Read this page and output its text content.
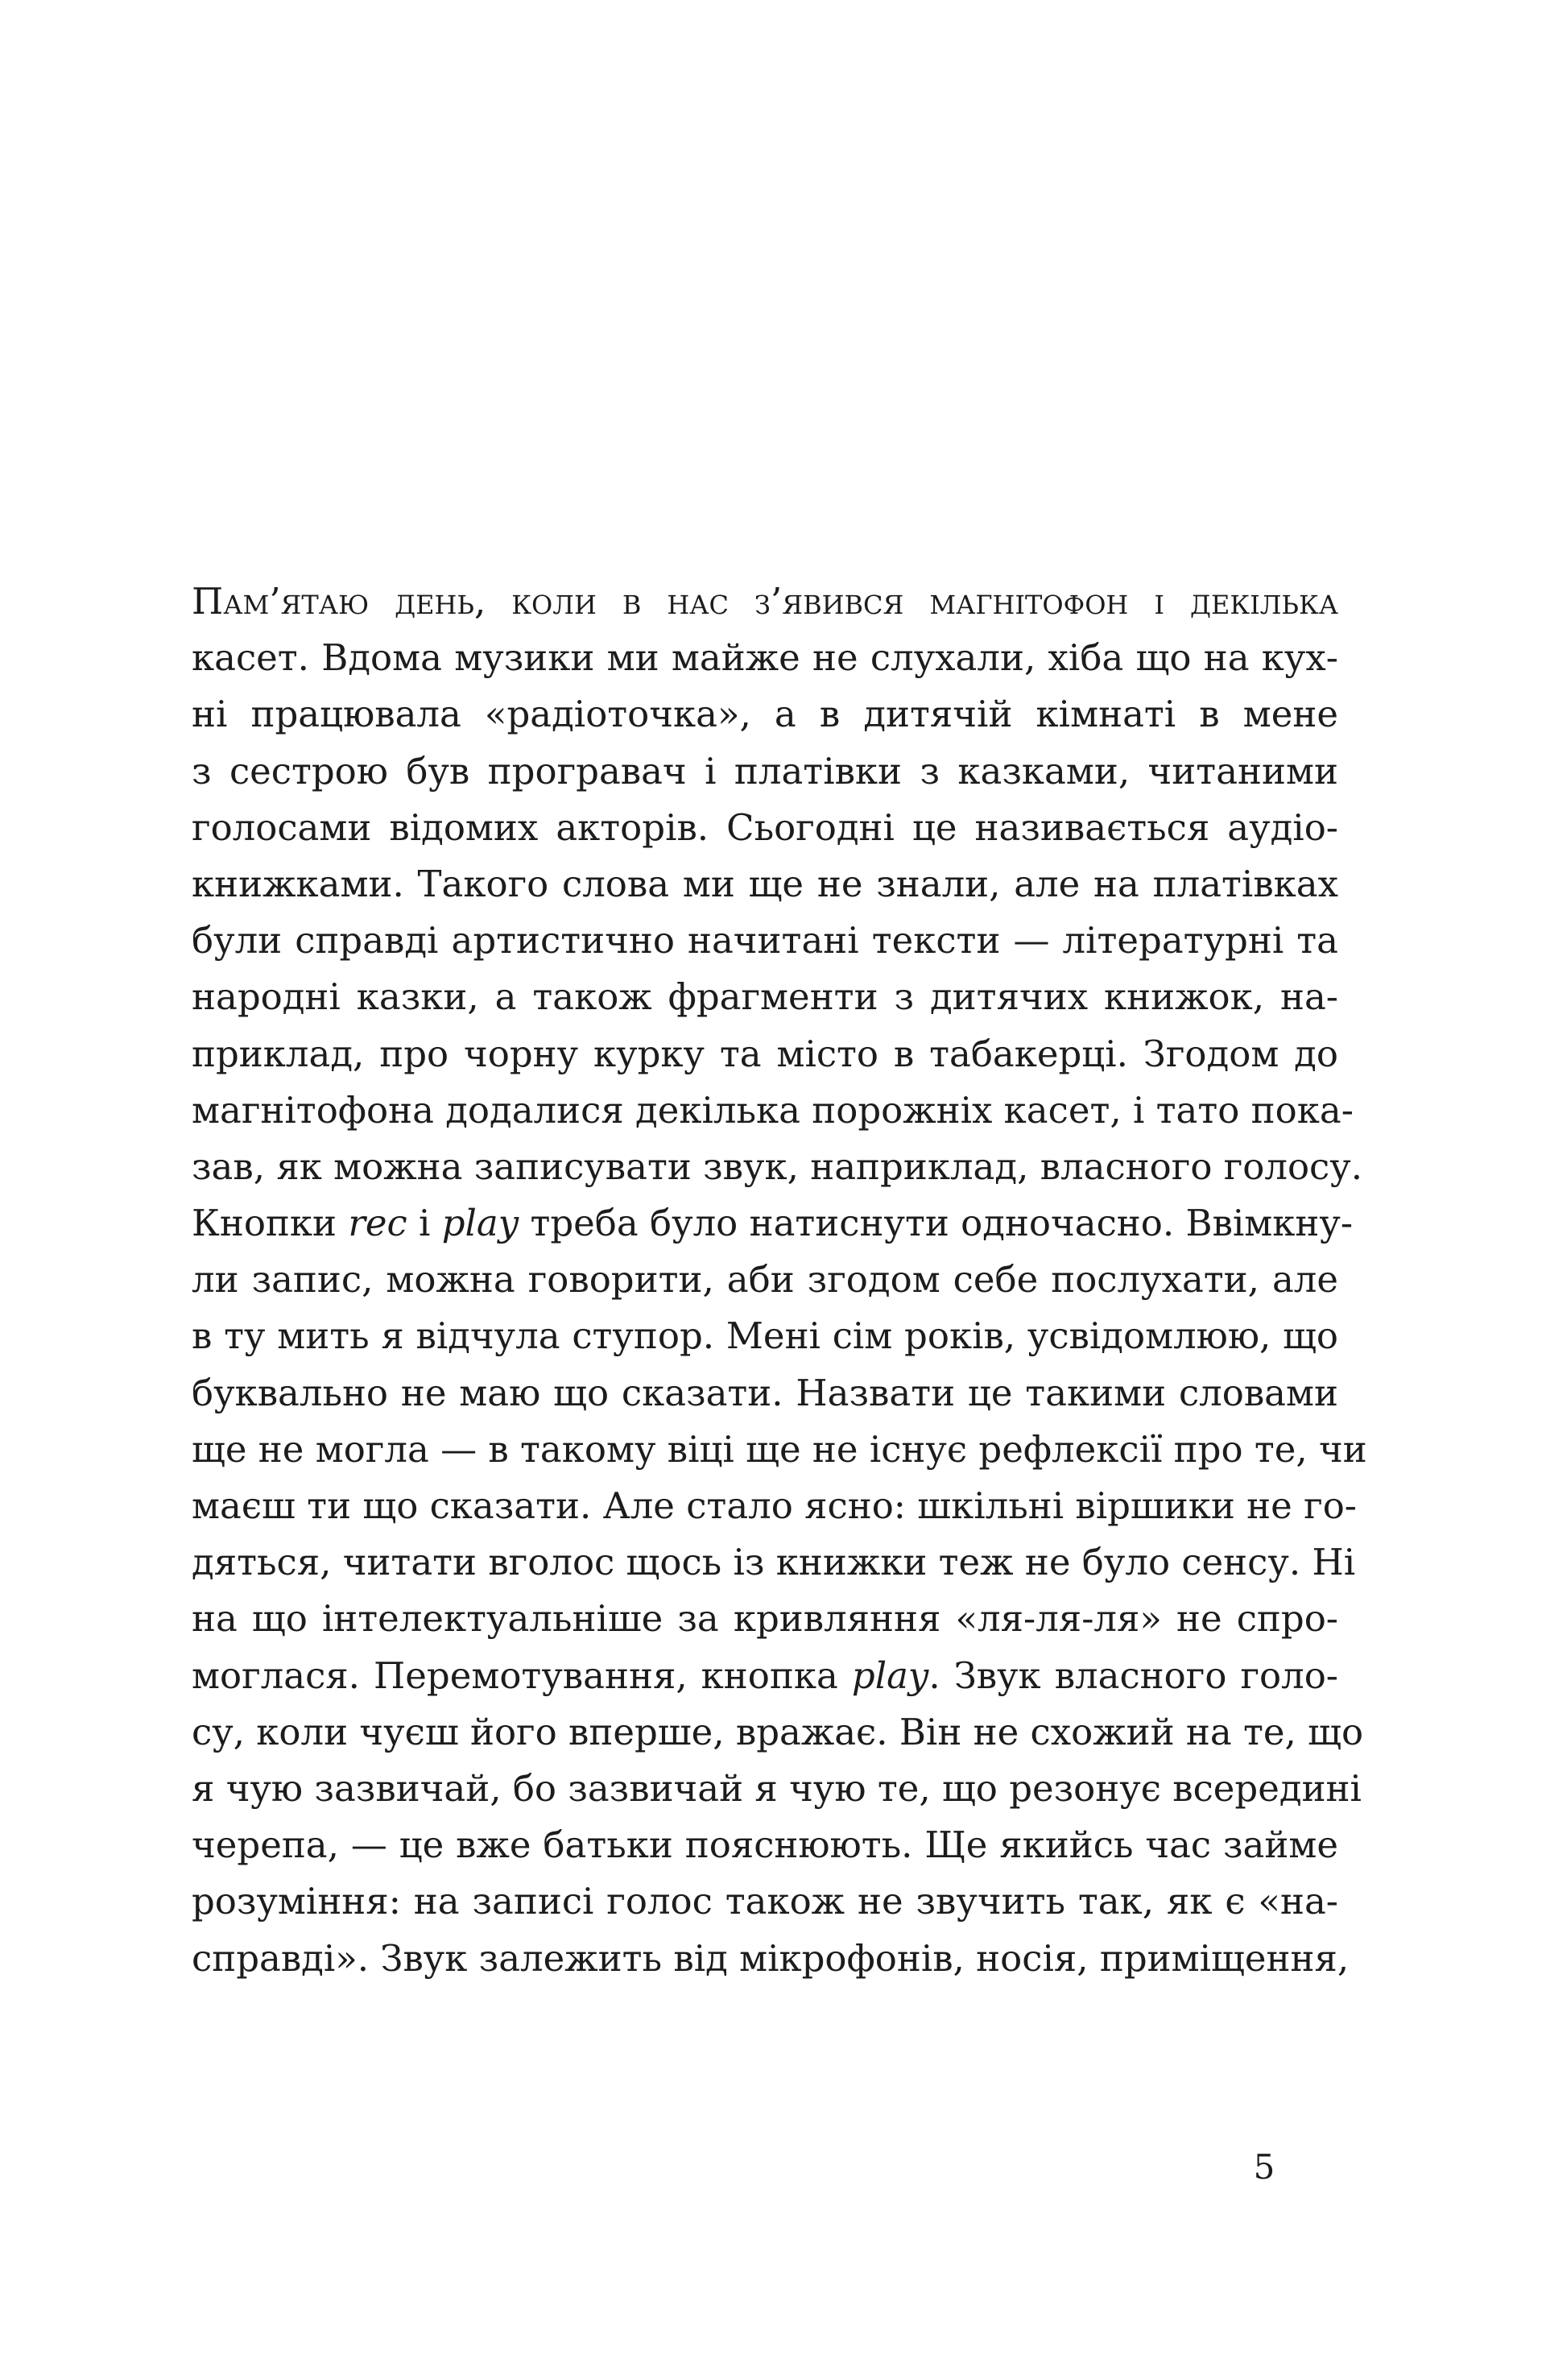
Пам’ятаю день, коли в нас з’явився магнітофон і декілька
касет. Вдома музики ми майже не слухали, хіба що на кух-
ні працювала «радіоточка», а в дитячій кімнаті в мене
з сестрою був програвач і платівки з казками, читаними
голосами відомих акторів. Сьогодні це називається аудіо-
книжками. Такого слова ми ще не знали, але на платівках
були справді артистично начитані тексти — літературні та
народні казки, а також фрагменти з дитячих книжок, на-
приклад, про чорну курку та місто в табакерці. Згодом до
магнітофона додалися декілька порожніх касет, і тато пока-
зав, як можна записувати звук, наприклад, власного голосу.
Кнопки rec і play треба було натиснути одночасно. Ввімкну-
ли запис, можна говорити, аби згодом себе послухати, але
в ту мить я відчула ступор. Мені сім років, усвідомлюю, що
буквально не маю що сказати. Назвати це такими словами
ще не могла — в такому віці ще не існує рефлексії про те, чи
маєш ти що сказати. Але стало ясно: шкільні віршики не го-
дяться, читати вголос щось із книжки теж не було сенсу. Ні
на що інтелектуальніше за кривляння «ля-ля-ля» не спро-
моглася. Перемотування, кнопка play. Звук власного голо-
су, коли чуєш його вперше, вражає. Він не схожий на те, що
я чую зазвичай, бо зазвичай я чую те, що резонує всередині
черепа, — це вже батьки пояснюють. Ще якийсь час займе
розуміння: на записі голос також не звучить так, як є «на-
справді». Звук залежить від мікрофонів, носія, приміщення,
5
